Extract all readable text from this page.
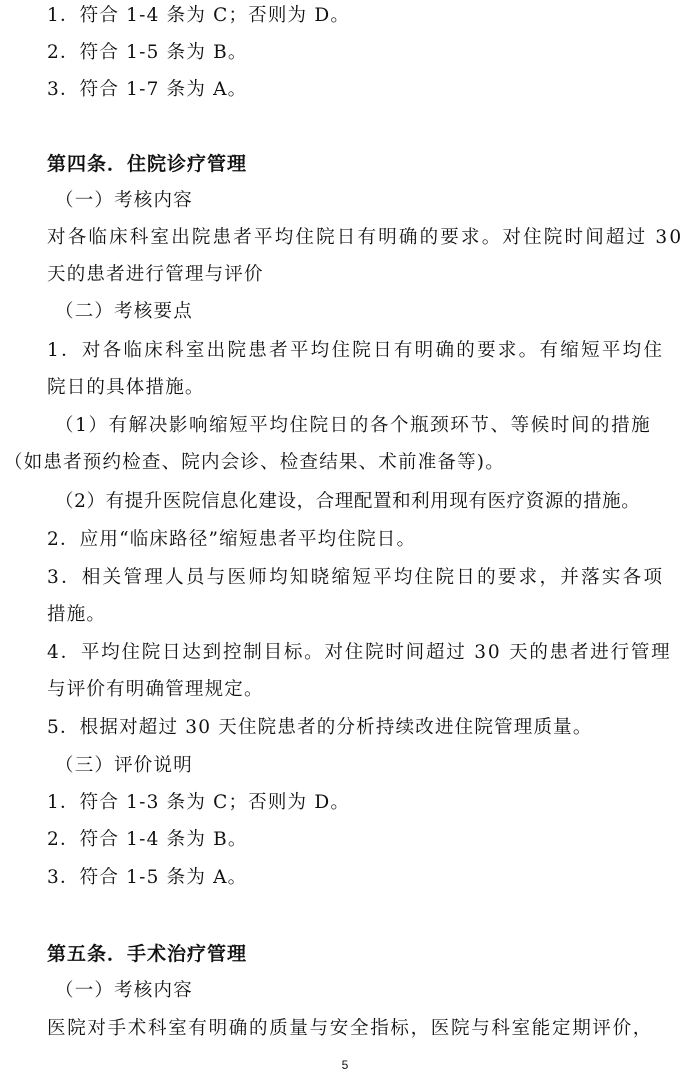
1．符合 1-4 条为 C；否则为 D。
2．符合 1-5 条为 B。
3．符合 1-7 条为 A。
第四条．住院诊疗管理
（一）考核内容
对各临床科室出院患者平均住院日有明确的要求。对住院时间超过 30
天的患者进行管理与评价
（二）考核要点
1．对各临床科室出院患者平均住院日有明确的要求。有缩短平均住
院日的具体措施。
（1）有解决影响缩短平均住院日的各个瓶颈环节、等候时间的措施
（如患者预约检查、院内会诊、检查结果、术前准备等)。
（2）有提升医院信息化建设，合理配置和利用现有医疗资源的措施。
2．应用“临床路径”缩短患者平均住院日。
3．相关管理人员与医师均知晓缩短平均住院日的要求，并落实各项
措施。
4．平均住院日达到控制目标。对住院时间超过 30 天的患者进行管理
与评价有明确管理规定。
5．根据对超过 30 天住院患者的分析持续改进住院管理质量。
（三）评价说明
1．符合 1-3 条为 C；否则为 D。
2．符合 1-4 条为 B。
3．符合 1-5 条为 A。
第五条．手术治疗管理
（一）考核内容
医院对手术科室有明确的质量与安全指标，医院与科室能定期评价，
5
